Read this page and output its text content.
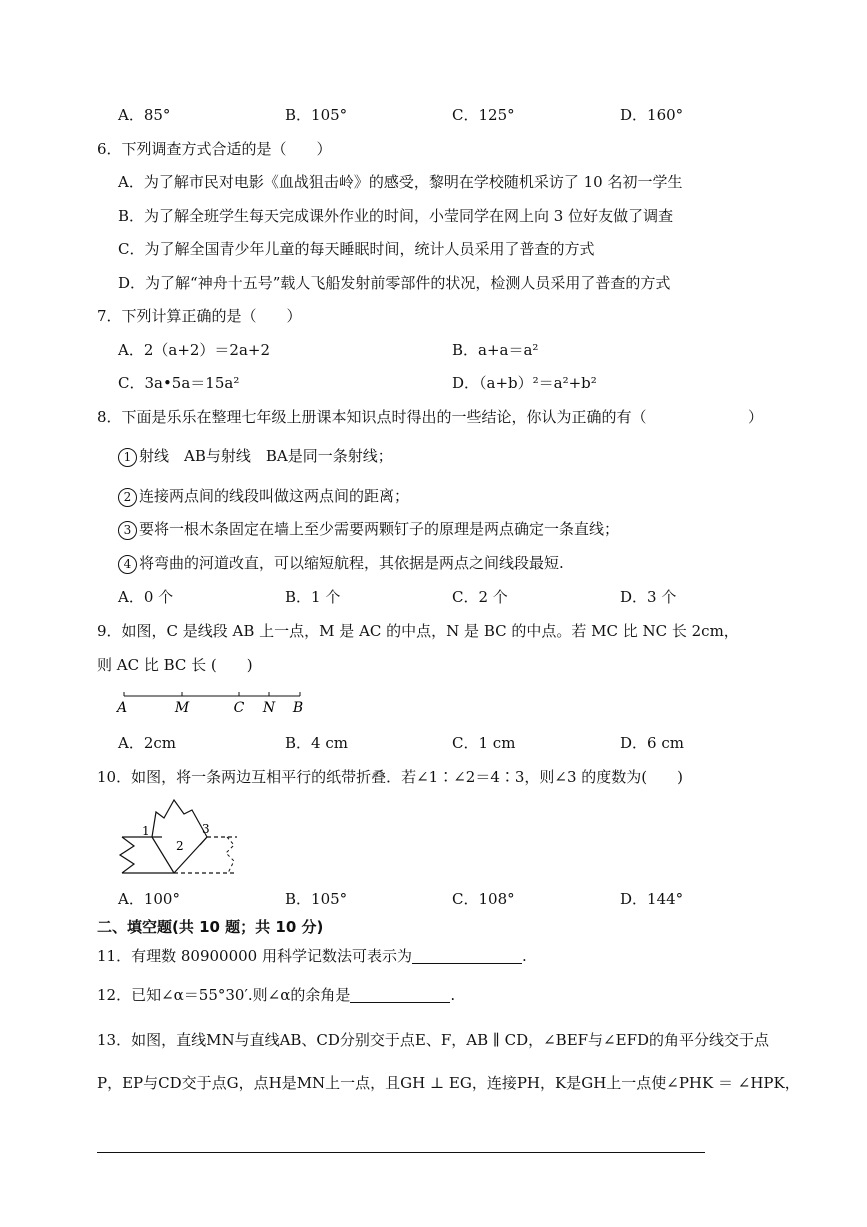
A．85°	B．105°	C．125°	D．160°
6．下列调查方式合适的是（　　）
A．为了解市民对电影《血战狙击岭》的感受，黎明在学校随机采访了 10 名初一学生
B．为了解全班学生每天完成课外作业的时间，小莹同学在网上向 3 位好友做了调查
C．为了解全国青少年儿童的每天睡眠时间，统计人员采用了普查的方式
D．为了解“神舟十五号”载人飞船发射前零部件的状况，检测人员采用了普查的方式
7．下列计算正确的是（　　）
A．2（a+2）＝2a+2	B．a+a＝a²
C．3a•5a＝15a²	D．（a+b）²＝a²+b²
8．下面是乐乐在整理七年级上册课本知识点时得出的一些结论，你认为正确的有（	）
1 射线　AB与射线　BA是同一条射线；
2 连接两点间的线段叫做这两点间的距离；
3 要将一根木条固定在墙上至少需要两颗钉子的原理是两点确定一条直线；
4 将弯曲的河道改直，可以缩短航程，其依据是两点之间线段最短.
A．0 个	B．1 个	C．2 个	D．3 个
9．如图，C 是线段 AB 上一点，M 是 AC 的中点，N 是 BC 的中点。若 MC 比 NC 长 2cm，
则 AC 比 BC 长 (　　)
A	M	C N B
A．2cm	B．4 cm	C．1 cm	D．6 cm
10．如图，将一条两边互相平行的纸带折叠．若∠1∶∠2＝4∶3，则∠3 的度数为(　　)
1
2
3
A．100°	B．105°	C．108°	D．144°
二、填空题(共 10 题；共 10 分)
11．有理数 80900000 用科学记数法可表示为	.
12．已知∠α＝55°30′.则∠α的余角是	.
13．如图，直线MN与直线AB、CD分别交于点E、F，AB ∥ CD，∠BEF与∠EFD的角平分线交于点
P，EP与CD交于点G，点H是MN上一点，且GH ⊥ EG，连接PH，K是GH上一点使∠PHK ＝ ∠HPK，
